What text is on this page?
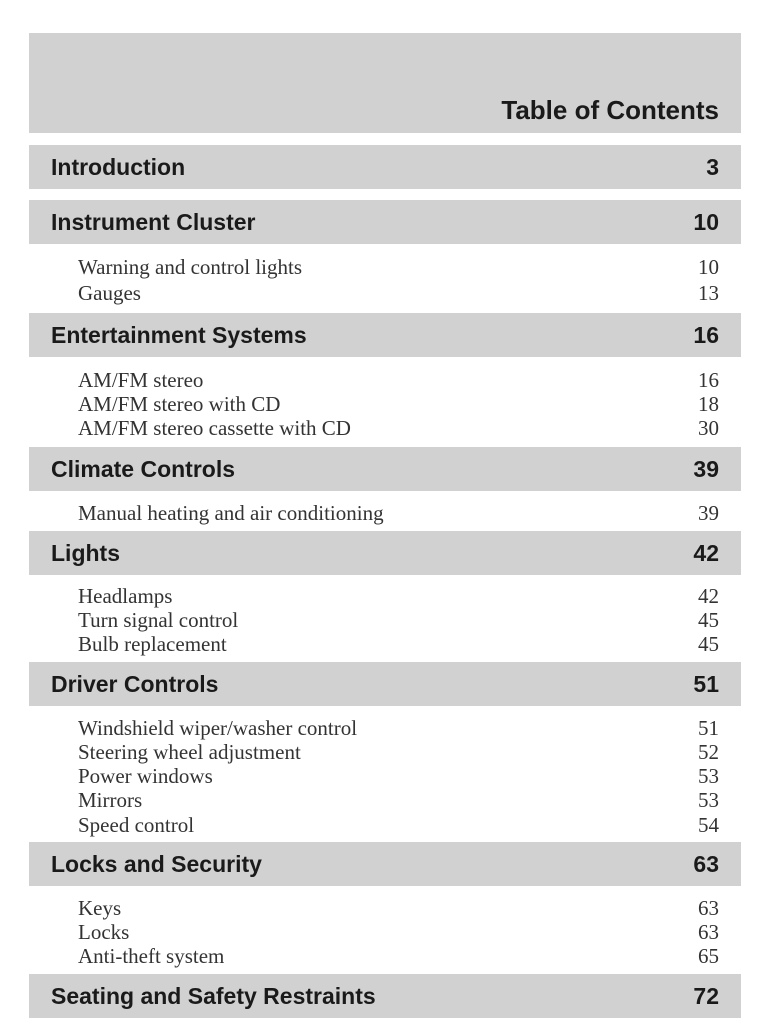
Table of Contents
Introduction	3
Instrument Cluster	10
Warning and control lights	10
Gauges	13
Entertainment Systems	16
AM/FM stereo	16
AM/FM stereo with CD	18
AM/FM stereo cassette with CD	30
Climate Controls	39
Manual heating and air conditioning	39
Lights	42
Headlamps	42
Turn signal control	45
Bulb replacement	45
Driver Controls	51
Windshield wiper/washer control	51
Steering wheel adjustment	52
Power windows	53
Mirrors	53
Speed control	54
Locks and Security	63
Keys	63
Locks	63
Anti-theft system	65
Seating and Safety Restraints	72
